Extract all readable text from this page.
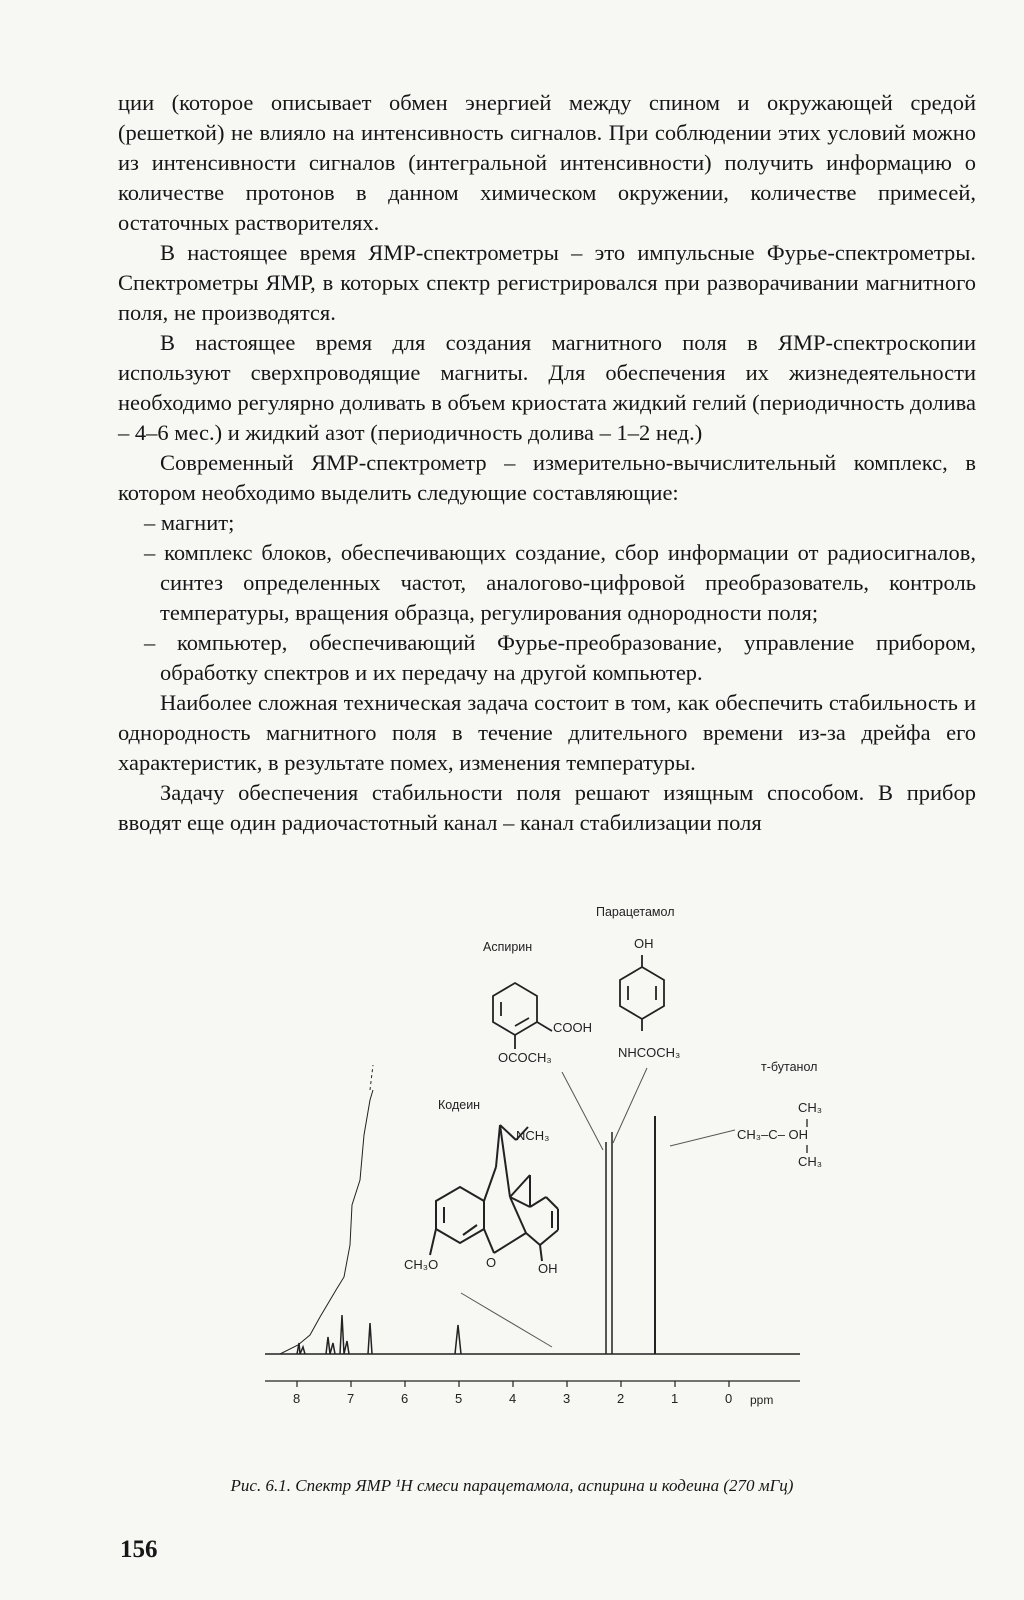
ции (которое описывает обмен энергией между спином и окружающей средой (решеткой) не влияло на интенсивность сигналов. При соблюдении этих условий можно из интенсивности сигналов (интегральной интенсивности) получить информацию о количестве протонов в данном химическом окружении, количестве примесей, остаточных растворителях.

В настоящее время ЯМР-спектрометры – это импульсные Фурье-спектрометры. Спектрометры ЯМР, в которых спектр регистрировался при разворачивании магнитного поля, не производятся.

В настоящее время для создания магнитного поля в ЯМР-спектроскопии используют сверхпроводящие магниты. Для обеспечения их жизнедеятельности необходимо регулярно доливать в объем криостата жидкий гелий (периодичность долива – 4–6 мес.) и жидкий азот (периодичность долива – 1–2 нед.)

Современный ЯМР-спектрометр – измерительно-вычислительный комплекс, в котором необходимо выделить следующие составляющие:

– магнит;
– комплекс блоков, обеспечивающих создание, сбор информации от радиосигналов, синтез определенных частот, аналогово-цифровой преобразователь, контроль температуры, вращения образца, регулирования однородности поля;
– компьютер, обеспечивающий Фурье-преобразование, управление прибором, обработку спектров и их передачу на другой компьютер.

Наиболее сложная техническая задача состоит в том, как обеспечить стабильность и однородность магнитного поля в течение длительного времени из-за дрейфа его характеристик, в результате помех, изменения температуры.

Задачу обеспечения стабильности поля решают изящным способом. В прибор вводят еще один радиочастотный канал – канал стабилизации поля

Парацетамол
Аспирин	OH
COOH
OCOCH₃	NHCOCH₃
т-бутанол
CH₃
CH₃–C– OH
CH₃
Кодеин
NCH₃
CH₃O	O	OH
8	7	6	5	4	3	2	1	0 ppm
Рис. 6.1. Спектр ЯМР ¹Н смеси парацетамола, аспирина и кодеина (270 мГц)
156
